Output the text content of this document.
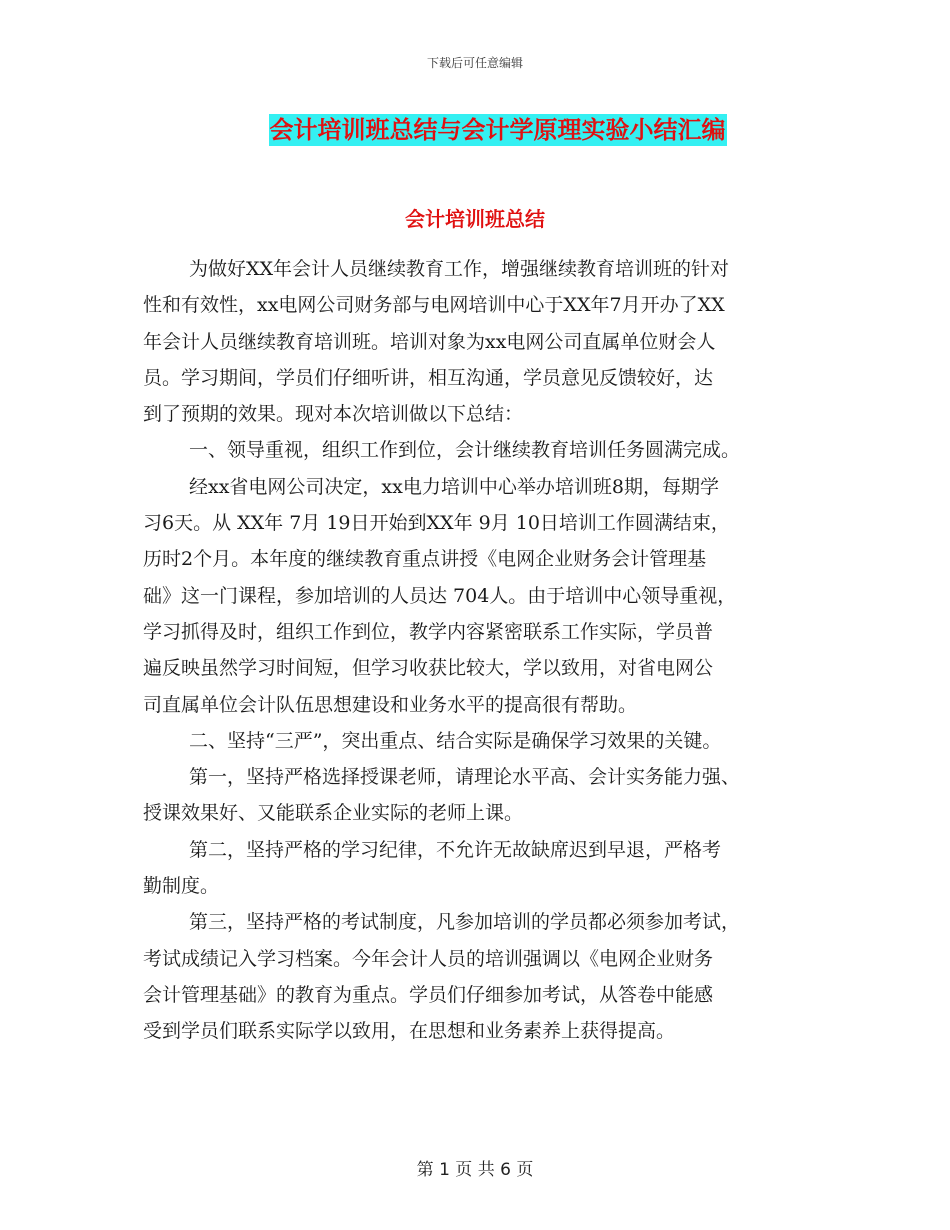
下载后可任意编辑
会计培训班总结与会计学原理实验小结汇编
会计培训班总结
为做好XX年会计人员继续教育工作，增强继续教育培训班的针对
性和有效性，xx电网公司财务部与电网培训中心于XX年7月开办了XX
年会计人员继续教育培训班。培训对象为xx电网公司直属单位财会人
员。学习期间，学员们仔细听讲，相互沟通，学员意见反馈较好，达
到了预期的效果。现对本次培训做以下总结：
一、领导重视，组织工作到位，会计继续教育培训任务圆满完成。
经xx省电网公司决定，xx电力培训中心举办培训班8期，每期学
习6天。从 XX年 7月 19日开始到XX年 9月 10日培训工作圆满结束，
历时2个月。本年度的继续教育重点讲授《电网企业财务会计管理基
础》这一门课程，参加培训的人员达 704人。由于培训中心领导重视，
学习抓得及时，组织工作到位，教学内容紧密联系工作实际，学员普
遍反映虽然学习时间短，但学习收获比较大，学以致用，对省电网公
司直属单位会计队伍思想建设和业务水平的提高很有帮助。
二、坚持“三严”，突出重点、结合实际是确保学习效果的关键。
第一，坚持严格选择授课老师，请理论水平高、会计实务能力强、
授课效果好、又能联系企业实际的老师上课。
第二，坚持严格的学习纪律，不允许无故缺席迟到早退，严格考
勤制度。
第三，坚持严格的考试制度，凡参加培训的学员都必须参加考试，
考试成绩记入学习档案。今年会计人员的培训强调以《电网企业财务
会计管理基础》的教育为重点。学员们仔细参加考试，从答卷中能感
受到学员们联系实际学以致用，在思想和业务素养上获得提高。
第 1 页 共 6 页
